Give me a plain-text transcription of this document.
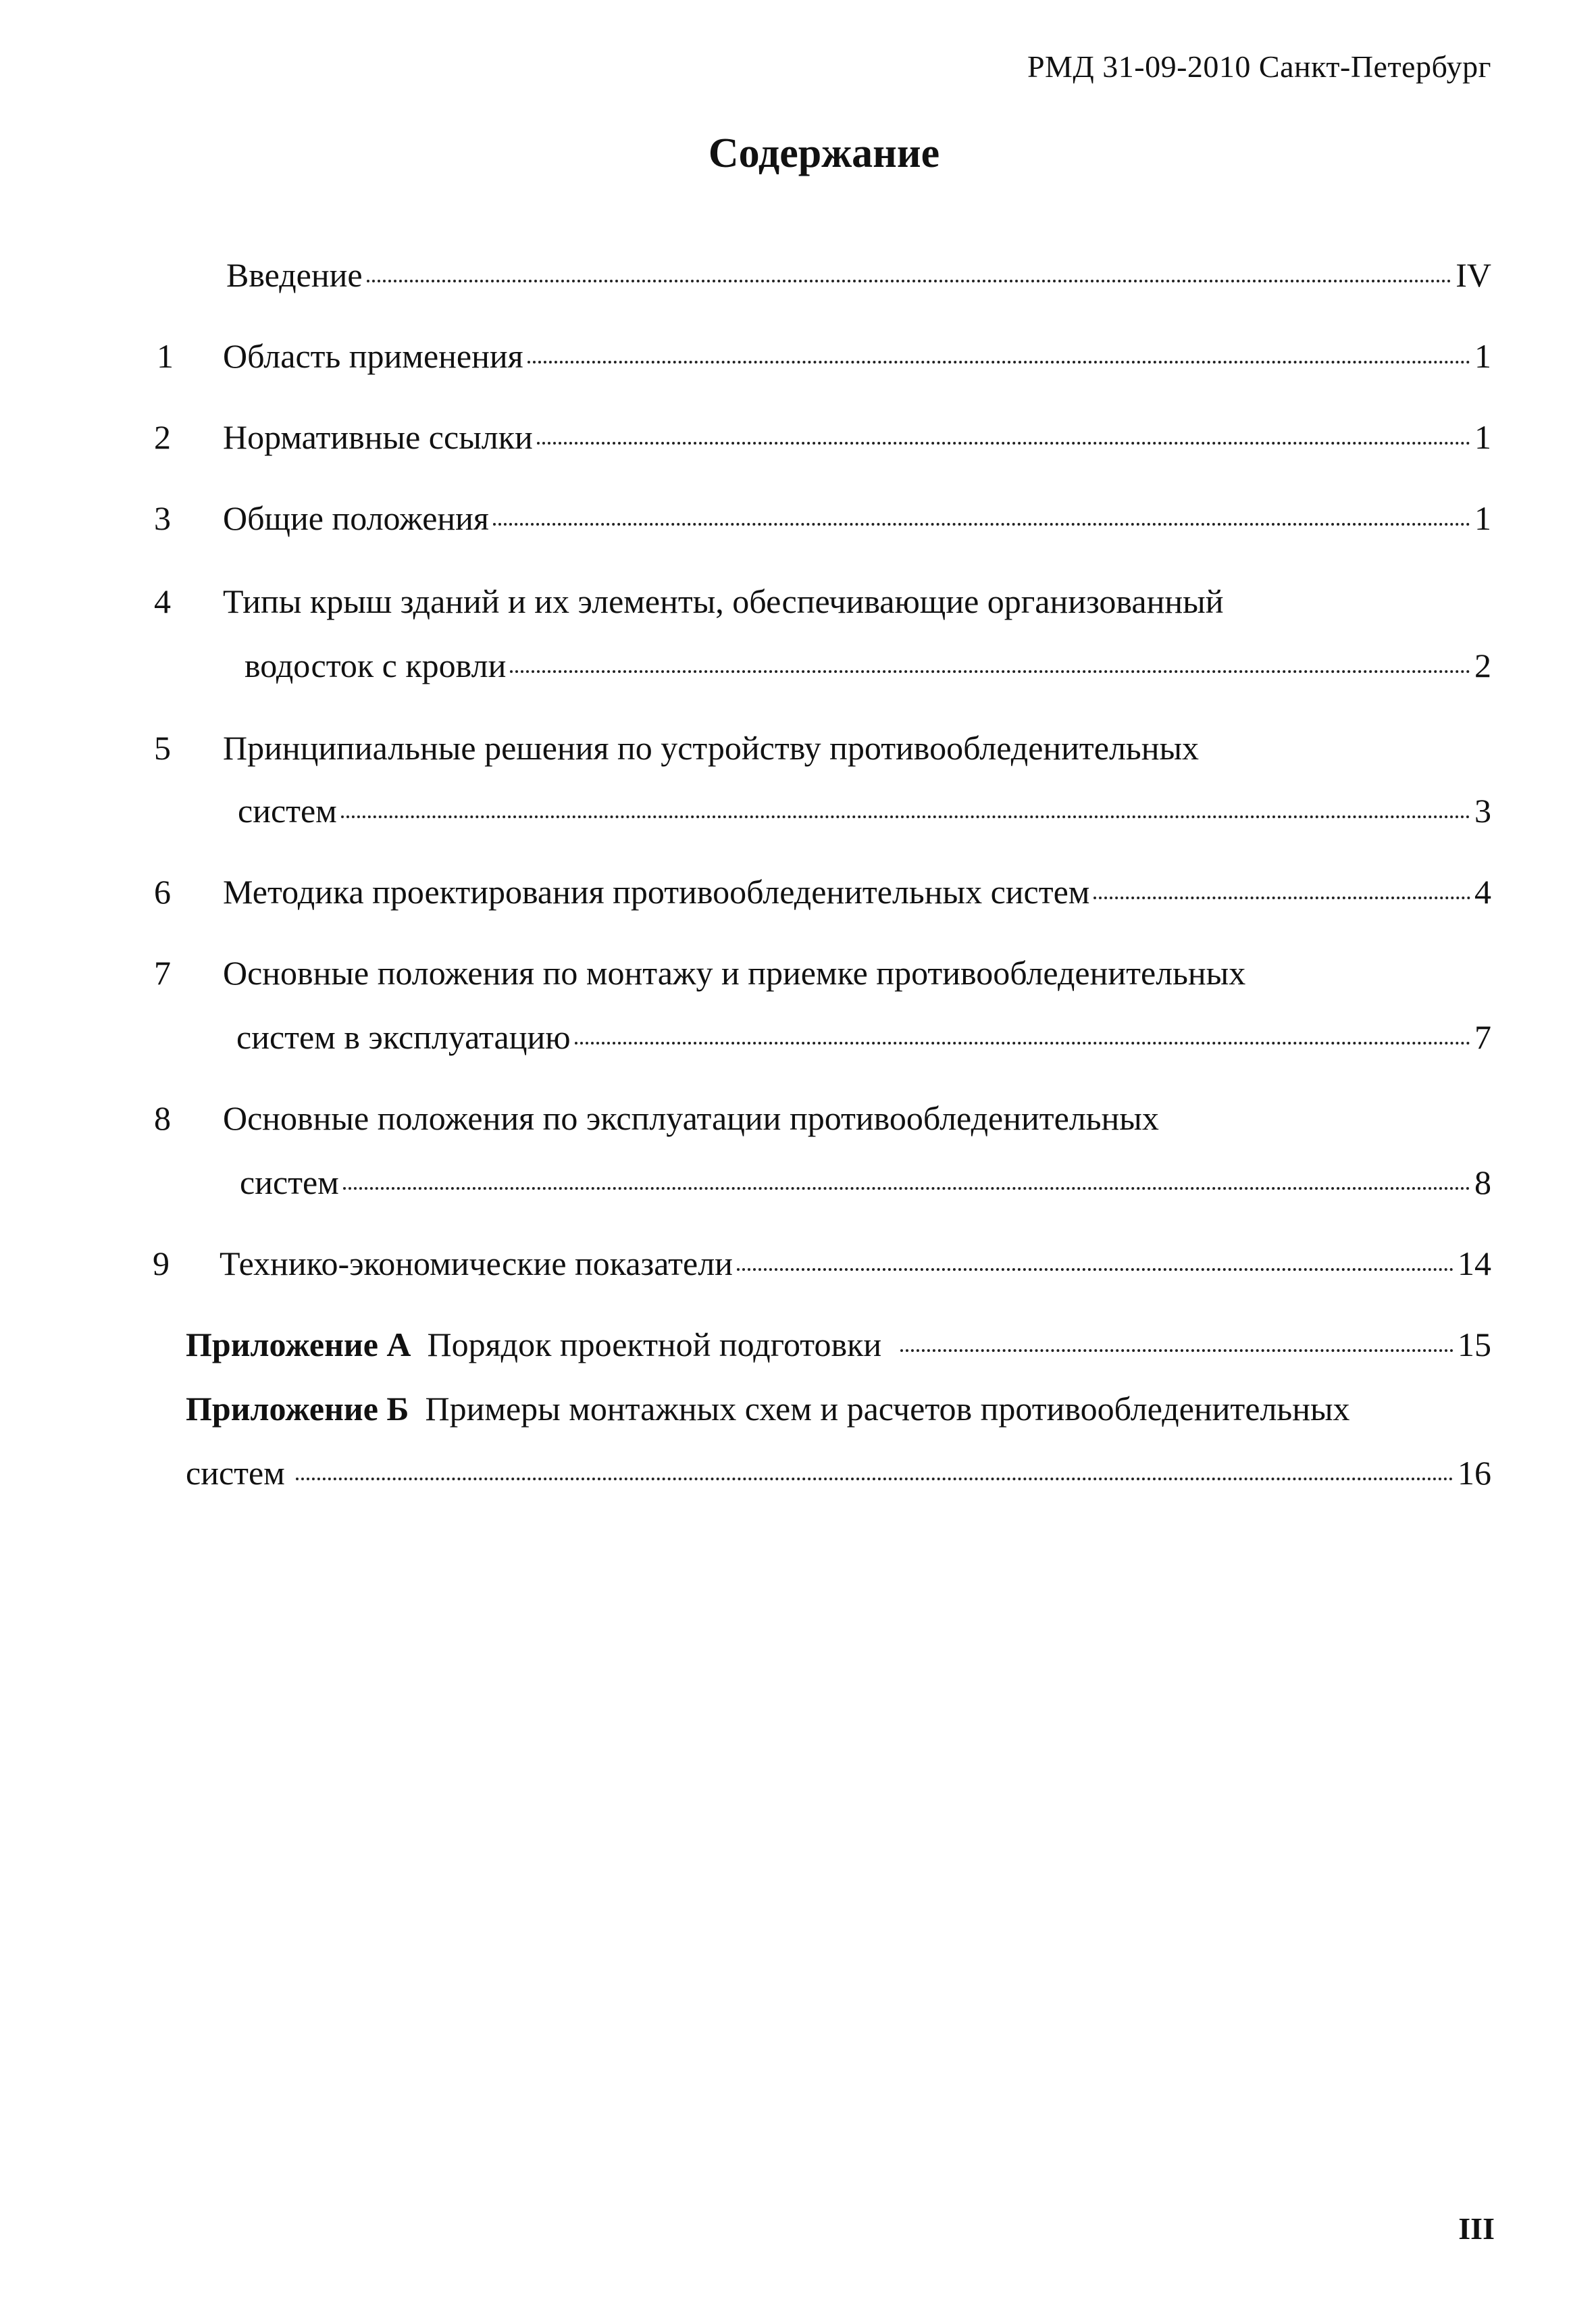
РМД 31-09-2010 Санкт-Петербург
Содержание
Введение	IV
1 Область применения	1
2 Нормативные ссылки	1
3 Общие положения	1
4 Типы крыш зданий и их элементы, обеспечивающие организованный
водосток с кровли	2
5 Принципиальные решения по устройству противообледенительных
систем	3
6 Методика проектирования противообледенительных систем	4
7 Основные положения по монтажу и приемке противообледенительных
систем в эксплуатацию	7
8 Основные положения по эксплуатации противообледенительных
систем	8
9 Технико-экономические показатели	14
Приложение А Порядок проектной подготовки	15
Приложение Б Примеры монтажных схем и расчетов противообледенительных
систем	16
III
